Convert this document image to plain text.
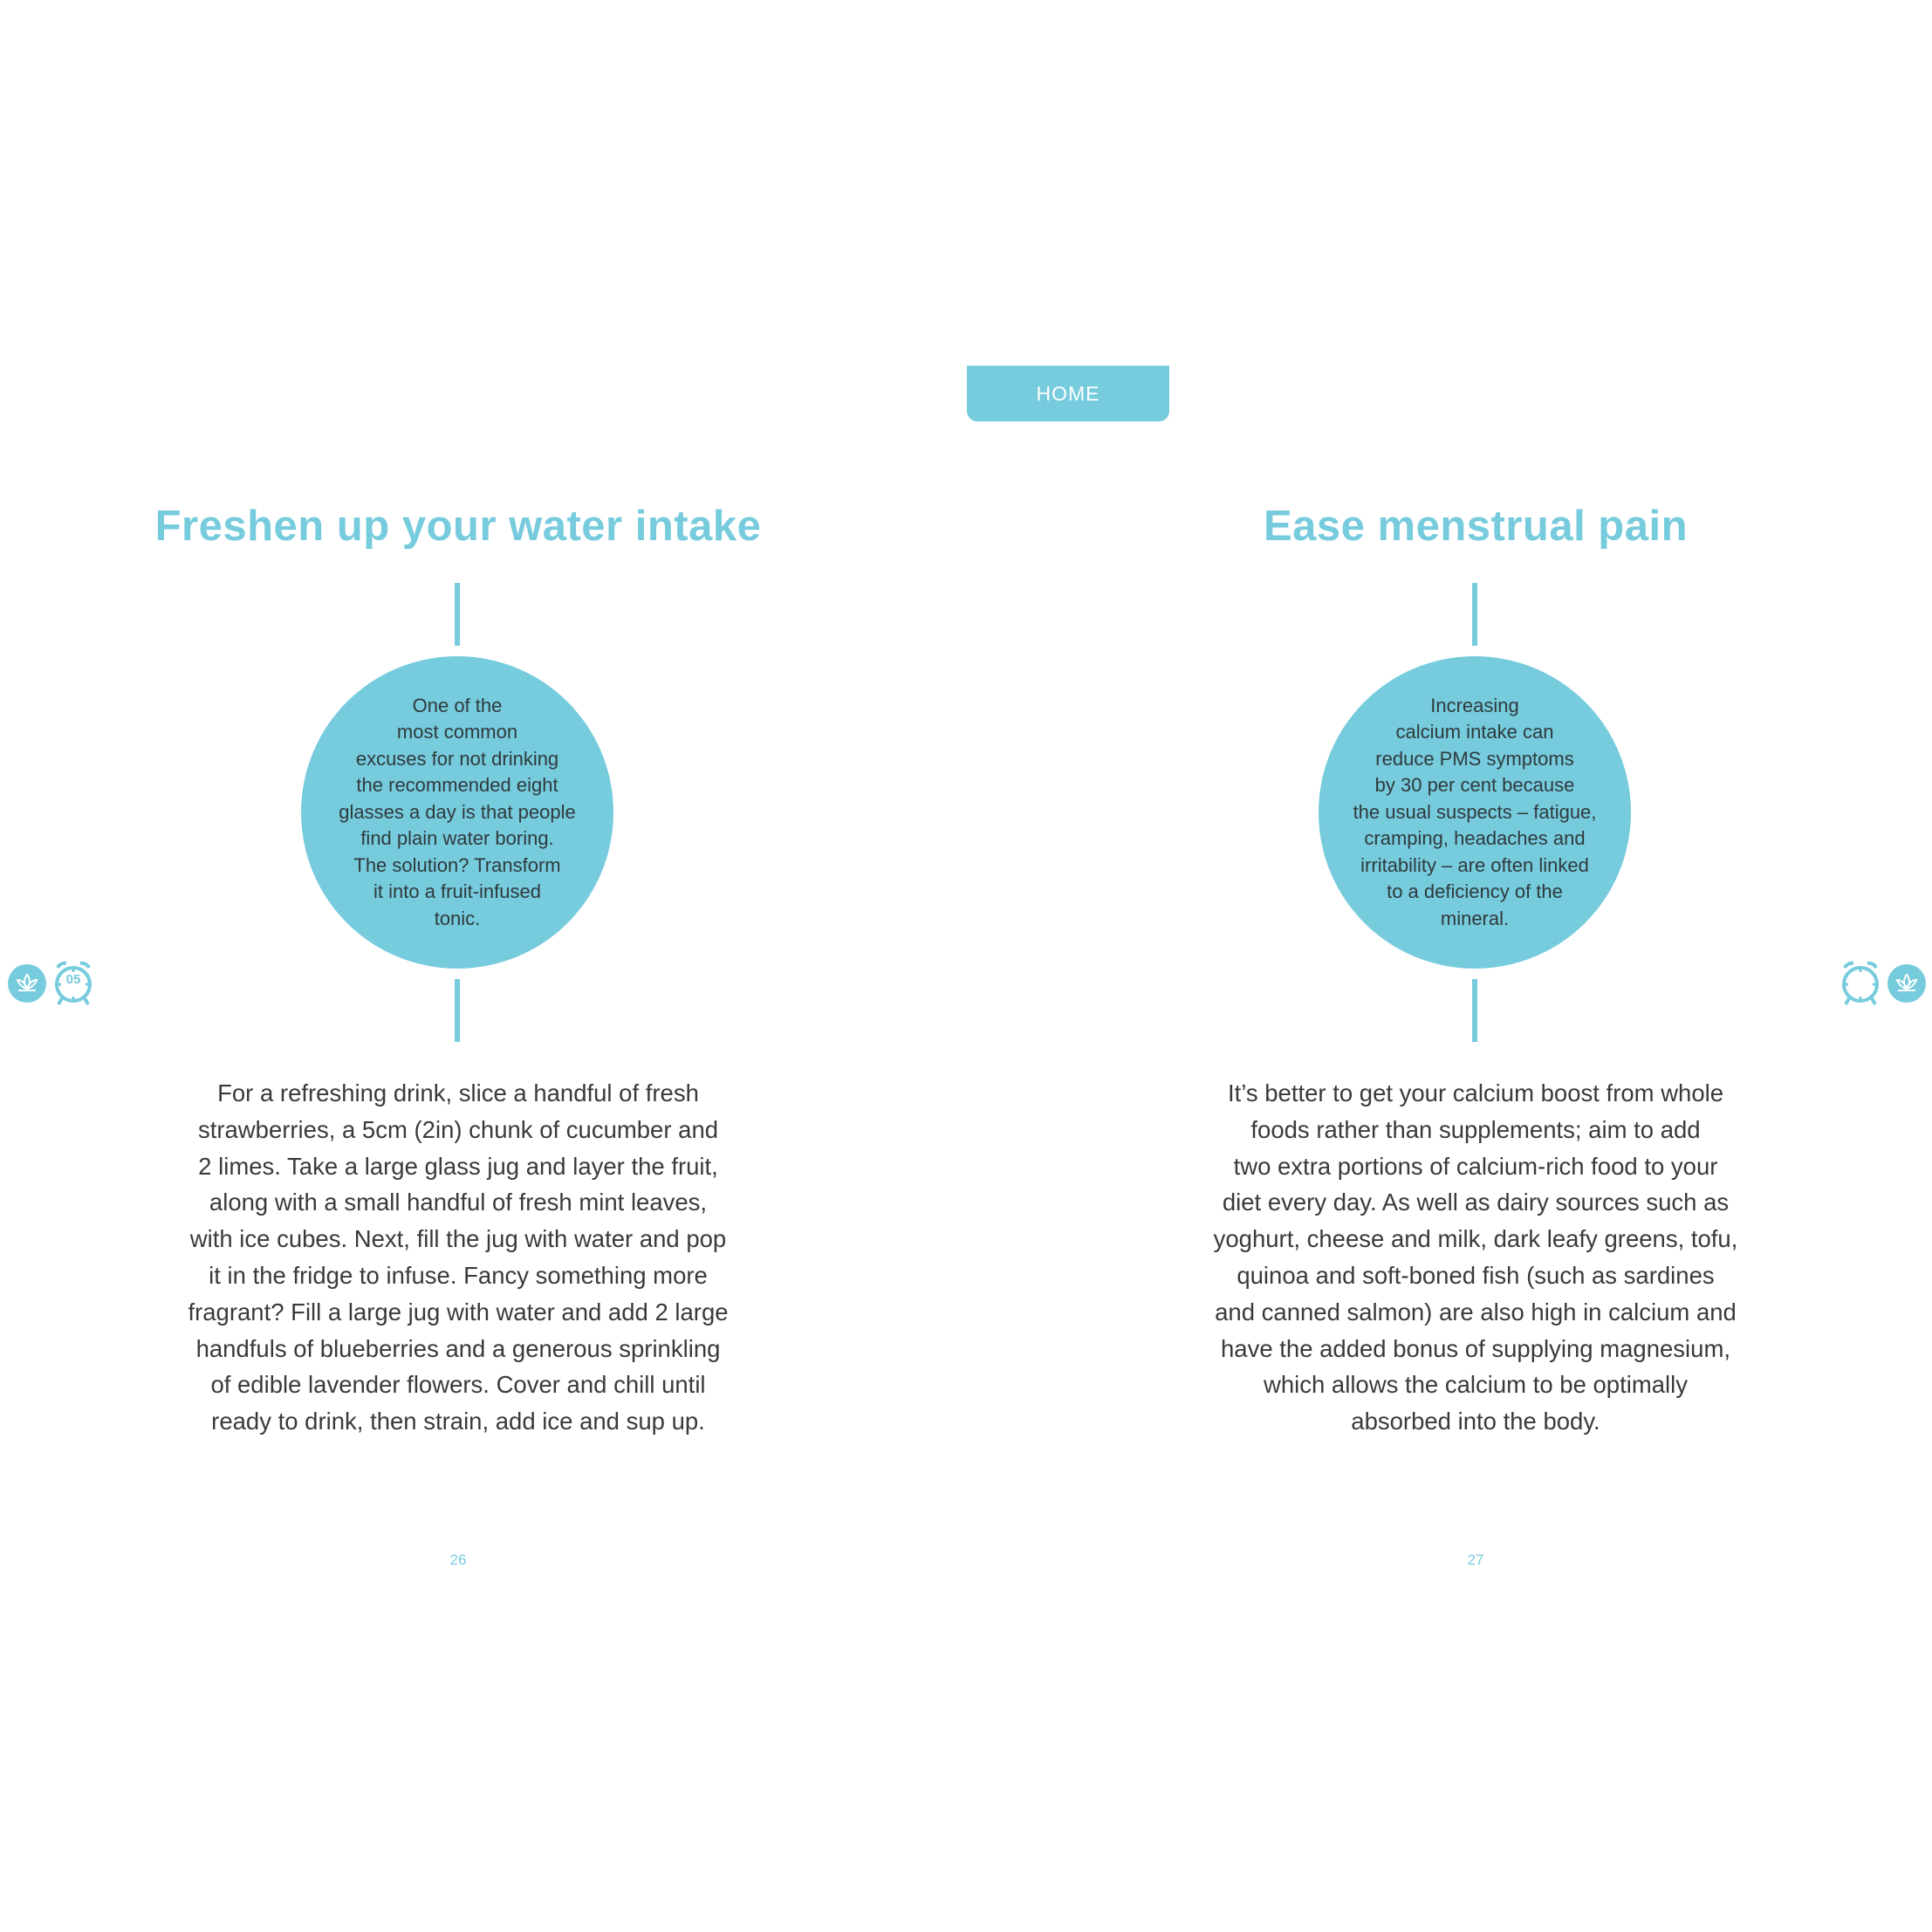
HOME
Freshen up your water intake
One of the
most common
excuses for not drinking
the recommended eight
glasses a day is that people
find plain water boring.
The solution? Transform
it into a fruit-infused
tonic.
For a refreshing drink, slice a handful of fresh
strawberries, a 5cm (2in) chunk of cucumber and
2 limes. Take a large glass jug and layer the fruit,
along with a small handful of fresh mint leaves,
with ice cubes. Next, fill the jug with water and pop
it in the fridge to infuse. Fancy something more
fragrant? Fill a large jug with water and add 2 large
handfuls of blueberries and a generous sprinkling
of edible lavender flowers. Cover and chill until
ready to drink, then strain, add ice and sup up.
26
Ease menstrual pain
Increasing
calcium intake can
reduce PMS symptoms
by 30 per cent because
the usual suspects – fatigue,
cramping, headaches and
irritability – are often linked
to a deficiency of the
mineral.
It’s better to get your calcium boost from whole
foods rather than supplements; aim to add
two extra portions of calcium-rich food to your
diet every day. As well as dairy sources such as
yoghurt, cheese and milk, dark leafy greens, tofu,
quinoa and soft-boned fish (such as sardines
and canned salmon) are also high in calcium and
have the added bonus of supplying magnesium,
which allows the calcium to be optimally
absorbed into the body.
27
05
